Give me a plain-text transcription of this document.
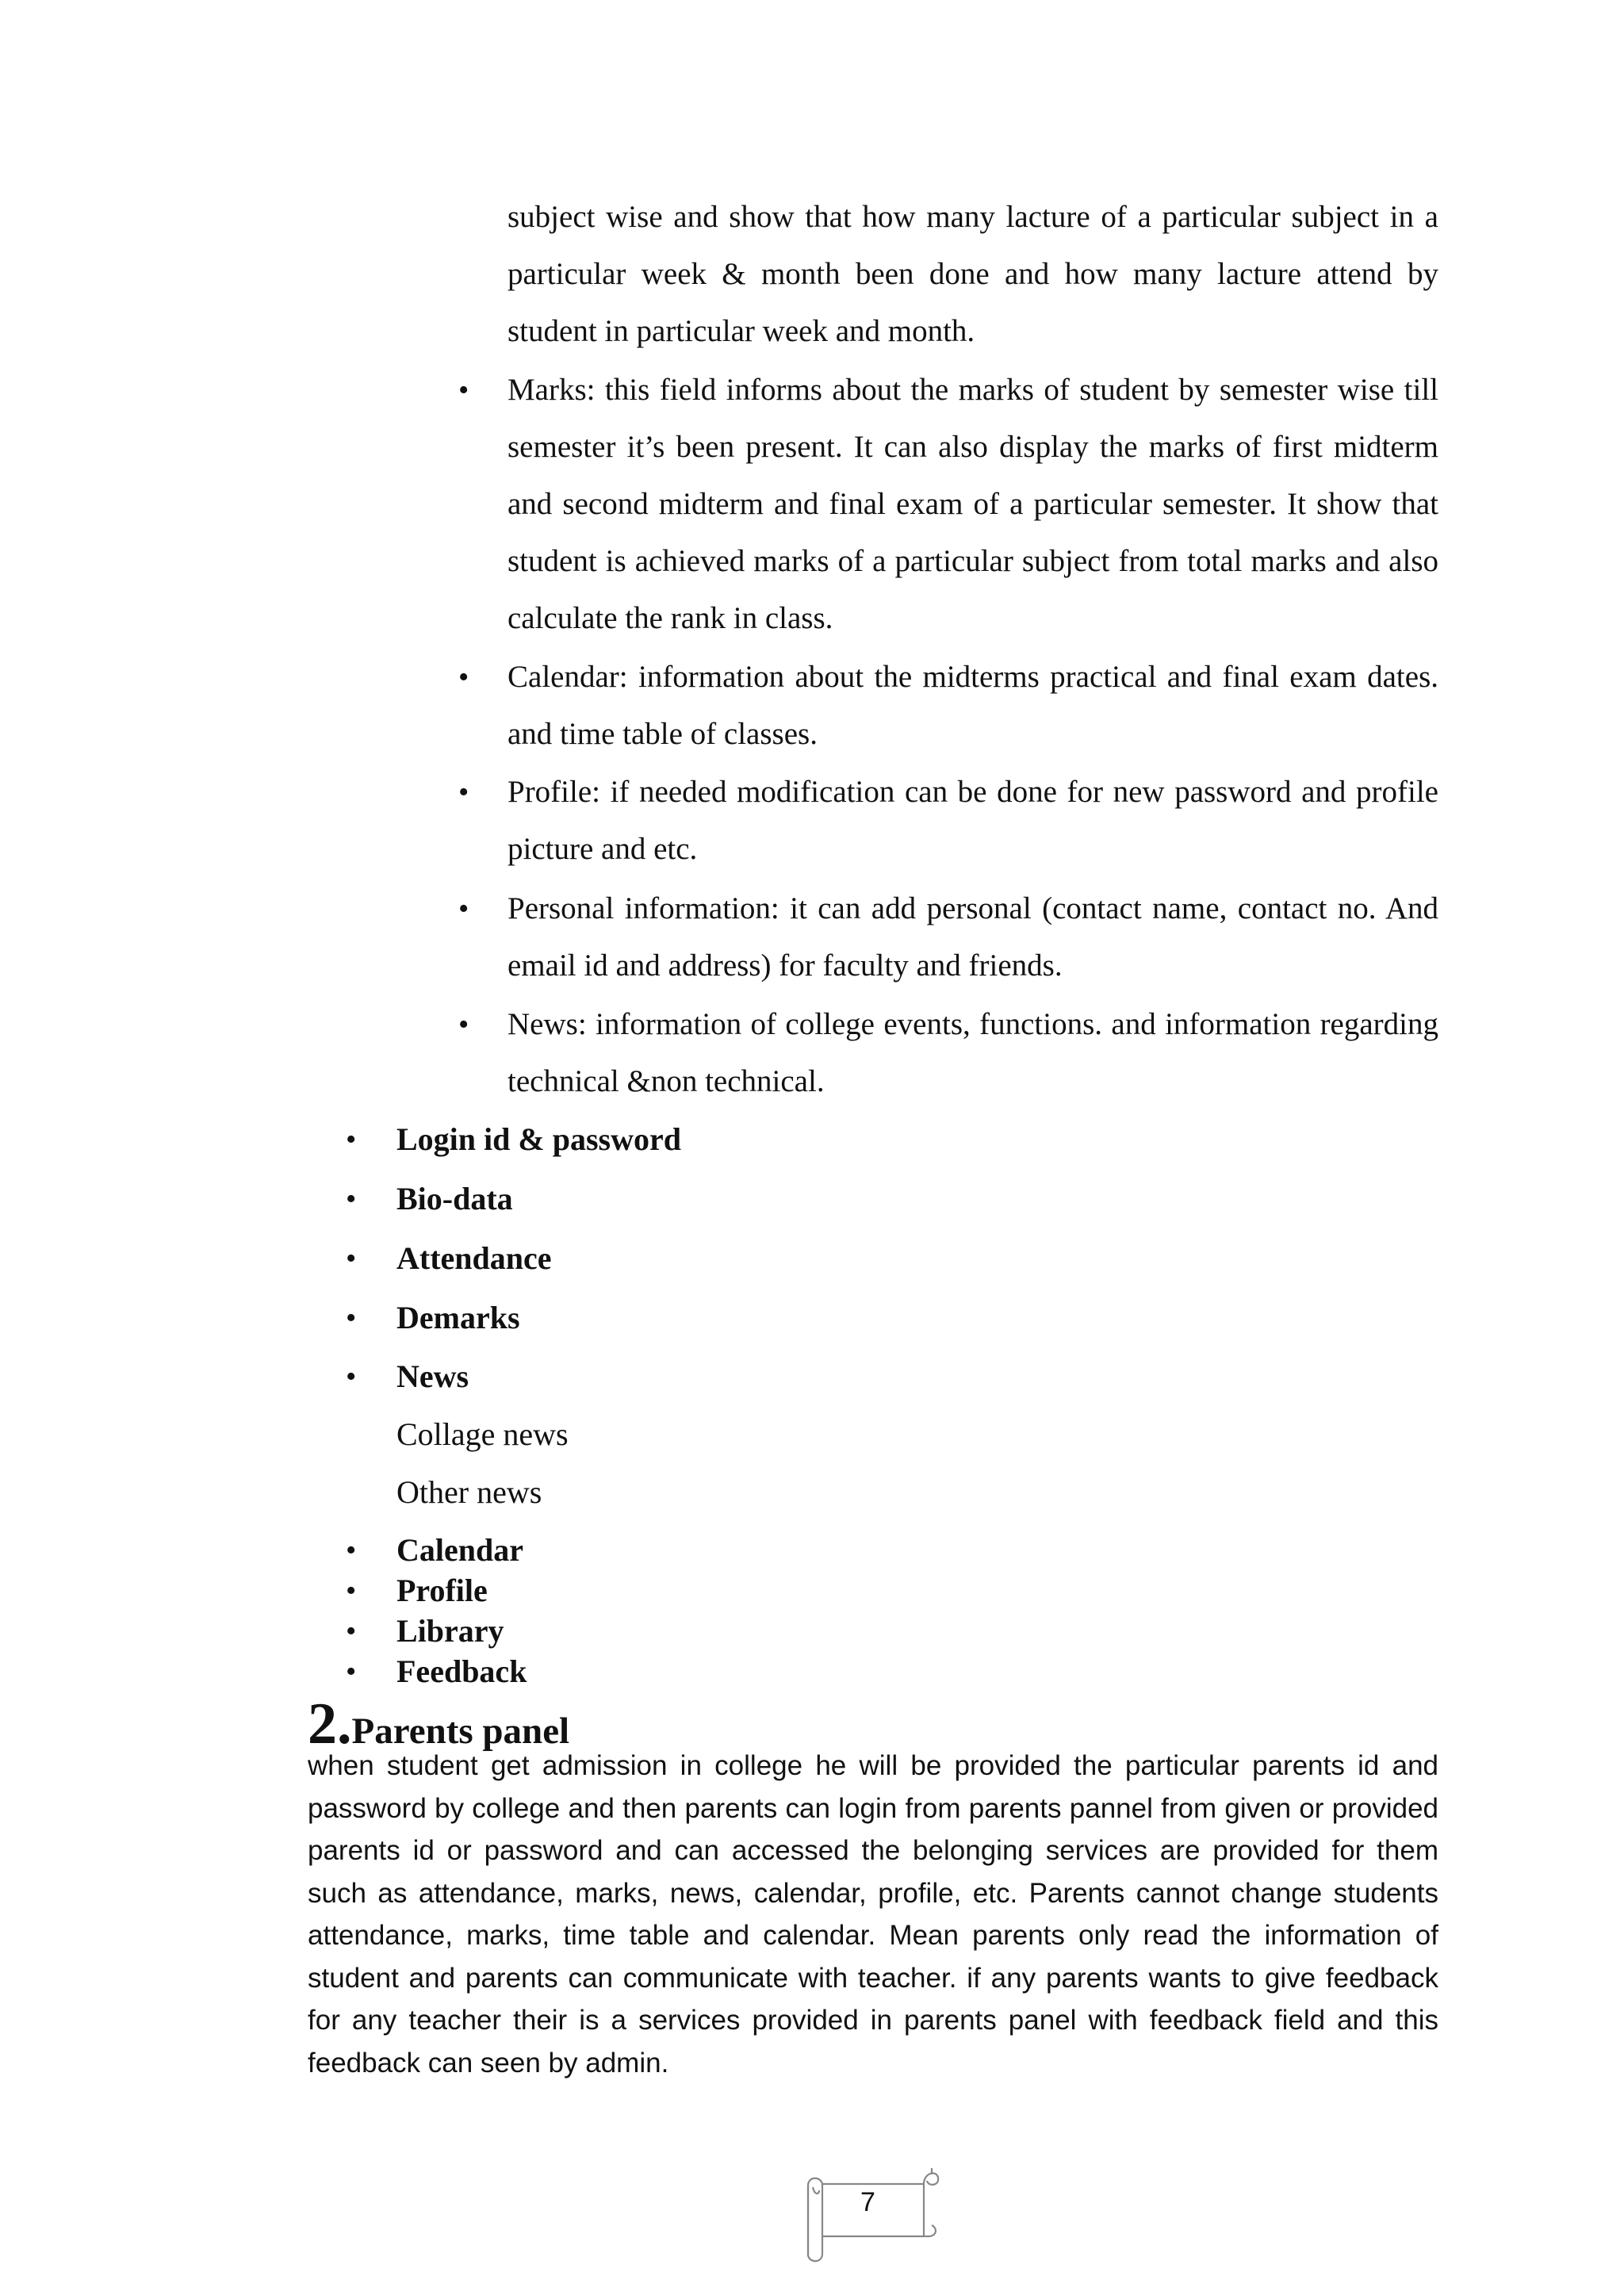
subject wise and show that how many lacture of a particular subject in a particular week & month been done and how many lacture attend by student in particular week and month.
• Marks: this field informs about the marks of student by semester wise till semester it’s been present. It can also display the marks of first midterm and second midterm and final exam of a particular semester. It show that student is achieved marks of a particular subject from total marks and also calculate the rank in class.
• Calendar: information about the midterms practical and final exam dates. and time table of classes.
• Profile: if needed modification can be done for new password and profile picture and etc.
• Personal information: it can add personal (contact name, contact no. And email id and address) for faculty and friends.
• News: information of college events, functions. and information regarding technical &non technical.
• Login id & password
• Bio-data
• Attendance
• Demarks
• News
Collage news
Other news
• Calendar
• Profile
• Library
• Feedback
2.Parents panel
when student get admission in college he will be provided the particular parents id and password by college and then parents can login from parents pannel from given or provided parents id or password and can accessed the belonging services are provided for them such as attendance, marks, news, calendar, profile, etc. Parents cannot change students attendance, marks, time table and calendar. Mean parents only read the information of student and parents can communicate with teacher. if any parents wants to give feedback for any teacher their is a services provided in parents panel with feedback field and this feedback can seen by admin.
7
